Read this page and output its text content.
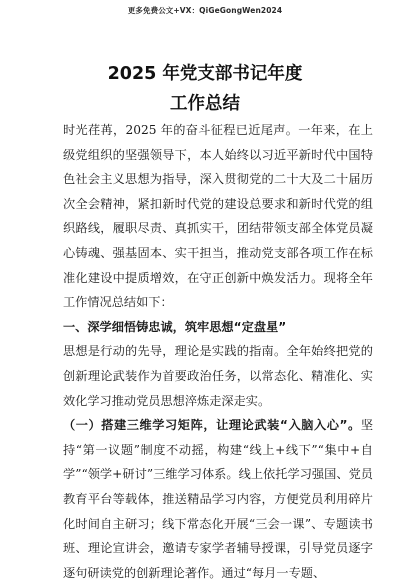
更多免费公文+VX：QiGeGongWen2024
2025 年党支部书记年度
工作总结

时光荏苒，2025 年的奋斗征程已近尾声。一年来，在上级党组织的坚强领导下，本人始终以习近平新时代中国特色社会主义思想为指导，深入贯彻党的二十大及二十届历次全会精神，紧扣新时代党的建设总要求和新时代党的组织路线，履职尽责、真抓实干，团结带领支部全体党员凝心铸魂、强基固本、实干担当，推动党支部各项工作在标准化建设中提质增效，在守正创新中焕发活力。现将全年工作情况总结如下：

一、深学细悟铸忠诚，筑牢思想“定盘星”

思想是行动的先导，理论是实践的指南。全年始终把党的创新理论武装作为首要政治任务，以常态化、精准化、实效化学习推动党员思想淬炼走深走实。

（一）搭建三维学习矩阵，让理论武装“入脑入心”。坚持“第一议题”制度不动摇，构建“线上+线下”“集中+自学”“领学+研讨”三维学习体系。线上依托学习强国、党员教育平台等载体，推送精品学习内容，方便党员利用碎片化时间自主研习；线下常态化开展“三会一课”、专题读书班、理论宣讲会，邀请专家学者辅导授课，引导党员逐字逐句研读党的创新理论著作。通过“每月一专题、
